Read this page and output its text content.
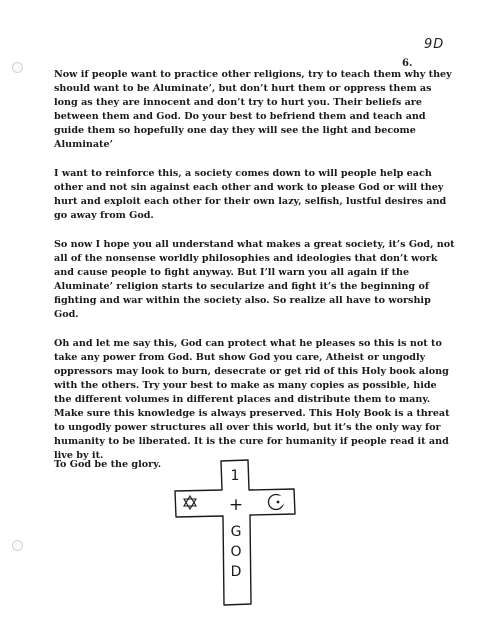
9D
6.

Now if people want to practice other religions, try to teach them why they should want to be Aluminate’, but don’t hurt them or oppress them as long as they are innocent and don’t try to hurt you. Their beliefs are between them and God. Do your best to befriend them and teach and guide them so hopefully one day they will see the light and become Aluminate’

I want to reinforce this, a society comes down to will people help each other and not sin against each other and work to please God or will they hurt and exploit each other for their own lazy, selfish, lustful desires and go away from God.

So now I hope you all understand what makes a great society, it’s God, not all of the nonsense worldly philosophies and ideologies that don’t work and cause people to fight anyway. But I’ll warn you all again if the Aluminate’ religion starts to secularize and fight it’s the beginning of fighting and war within the society also. So realize all have to worship God.

Oh and let me say this, God can protect what he pleases so this is not to take any power from God. But show God you care, Atheist or ungodly oppressors may look to burn, desecrate or get rid of this Holy book along with the others. Try your best to make as many copies as possible, hide the different volumes in different places and distribute them to many. Make sure this knowledge is always preserved. This Holy Book is a threat to ungodly power structures all over this world, but it’s the only way for humanity to be liberated. It is the cure for humanity if people read it and live by it.

To God be the glory.
1
+
G
O
D
